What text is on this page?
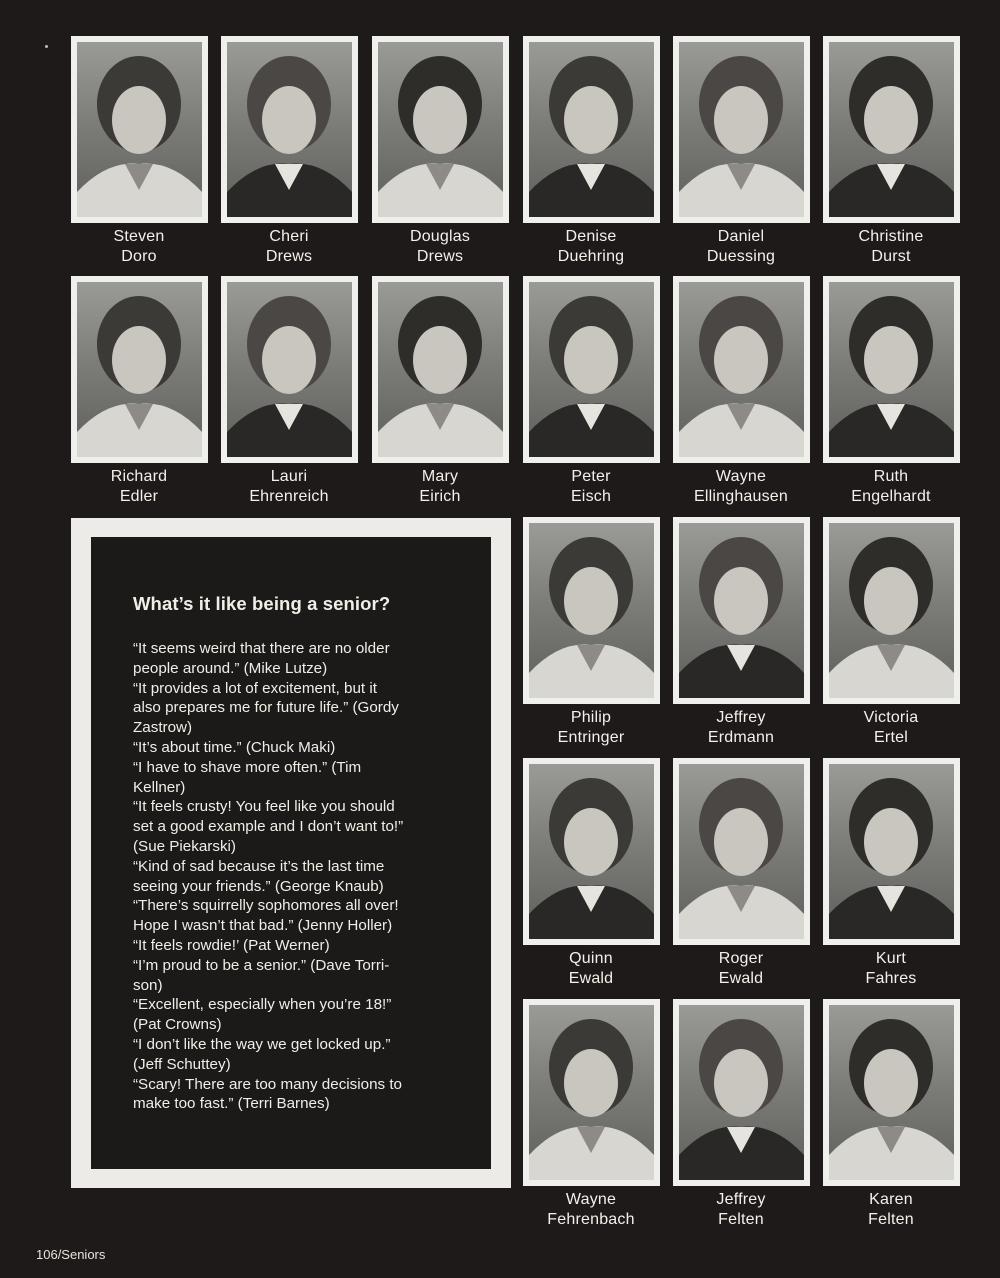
Steven
Doro
Cheri
Drews
Douglas
Drews
Denise
Duehring
Daniel
Duessing
Christine
Durst
Richard
Edler
Lauri
Ehrenreich
Mary
Eirich
Peter
Eisch
Wayne
Ellinghausen
Ruth
Engelhardt
Philip
Entringer
Jeffrey
Erdmann
Victoria
Ertel
Quinn
Ewald
Roger
Ewald
Kurt
Fahres
Wayne
Fehrenbach
Jeffrey
Felten
Karen
Felten
What’s it like being a senior?
“It seems weird that there are no older
people around.” (Mike Lutze)
“It provides a lot of excitement, but it
also prepares me for future life.” (Gordy
Zastrow)
“It’s about time.” (Chuck Maki)
“I have to shave more often.” (Tim
Kellner)
“It feels crusty! You feel like you should
set a good example and I don’t want to!”
(Sue Piekarski)
“Kind of sad because it’s the last time
seeing your friends.” (George Knaub)
“There’s squirrelly sophomores all over!
Hope I wasn’t that bad.” (Jenny Holler)
“It feels rowdie!’ (Pat Werner)
“I’m proud to be a senior.” (Dave Torri-
son)
“Excellent, especially when you’re 18!”
(Pat Crowns)
“I don’t like the way we get locked up.”
(Jeff Schuttey)
“Scary! There are too many decisions to
make too fast.” (Terri Barnes)
106/Seniors
